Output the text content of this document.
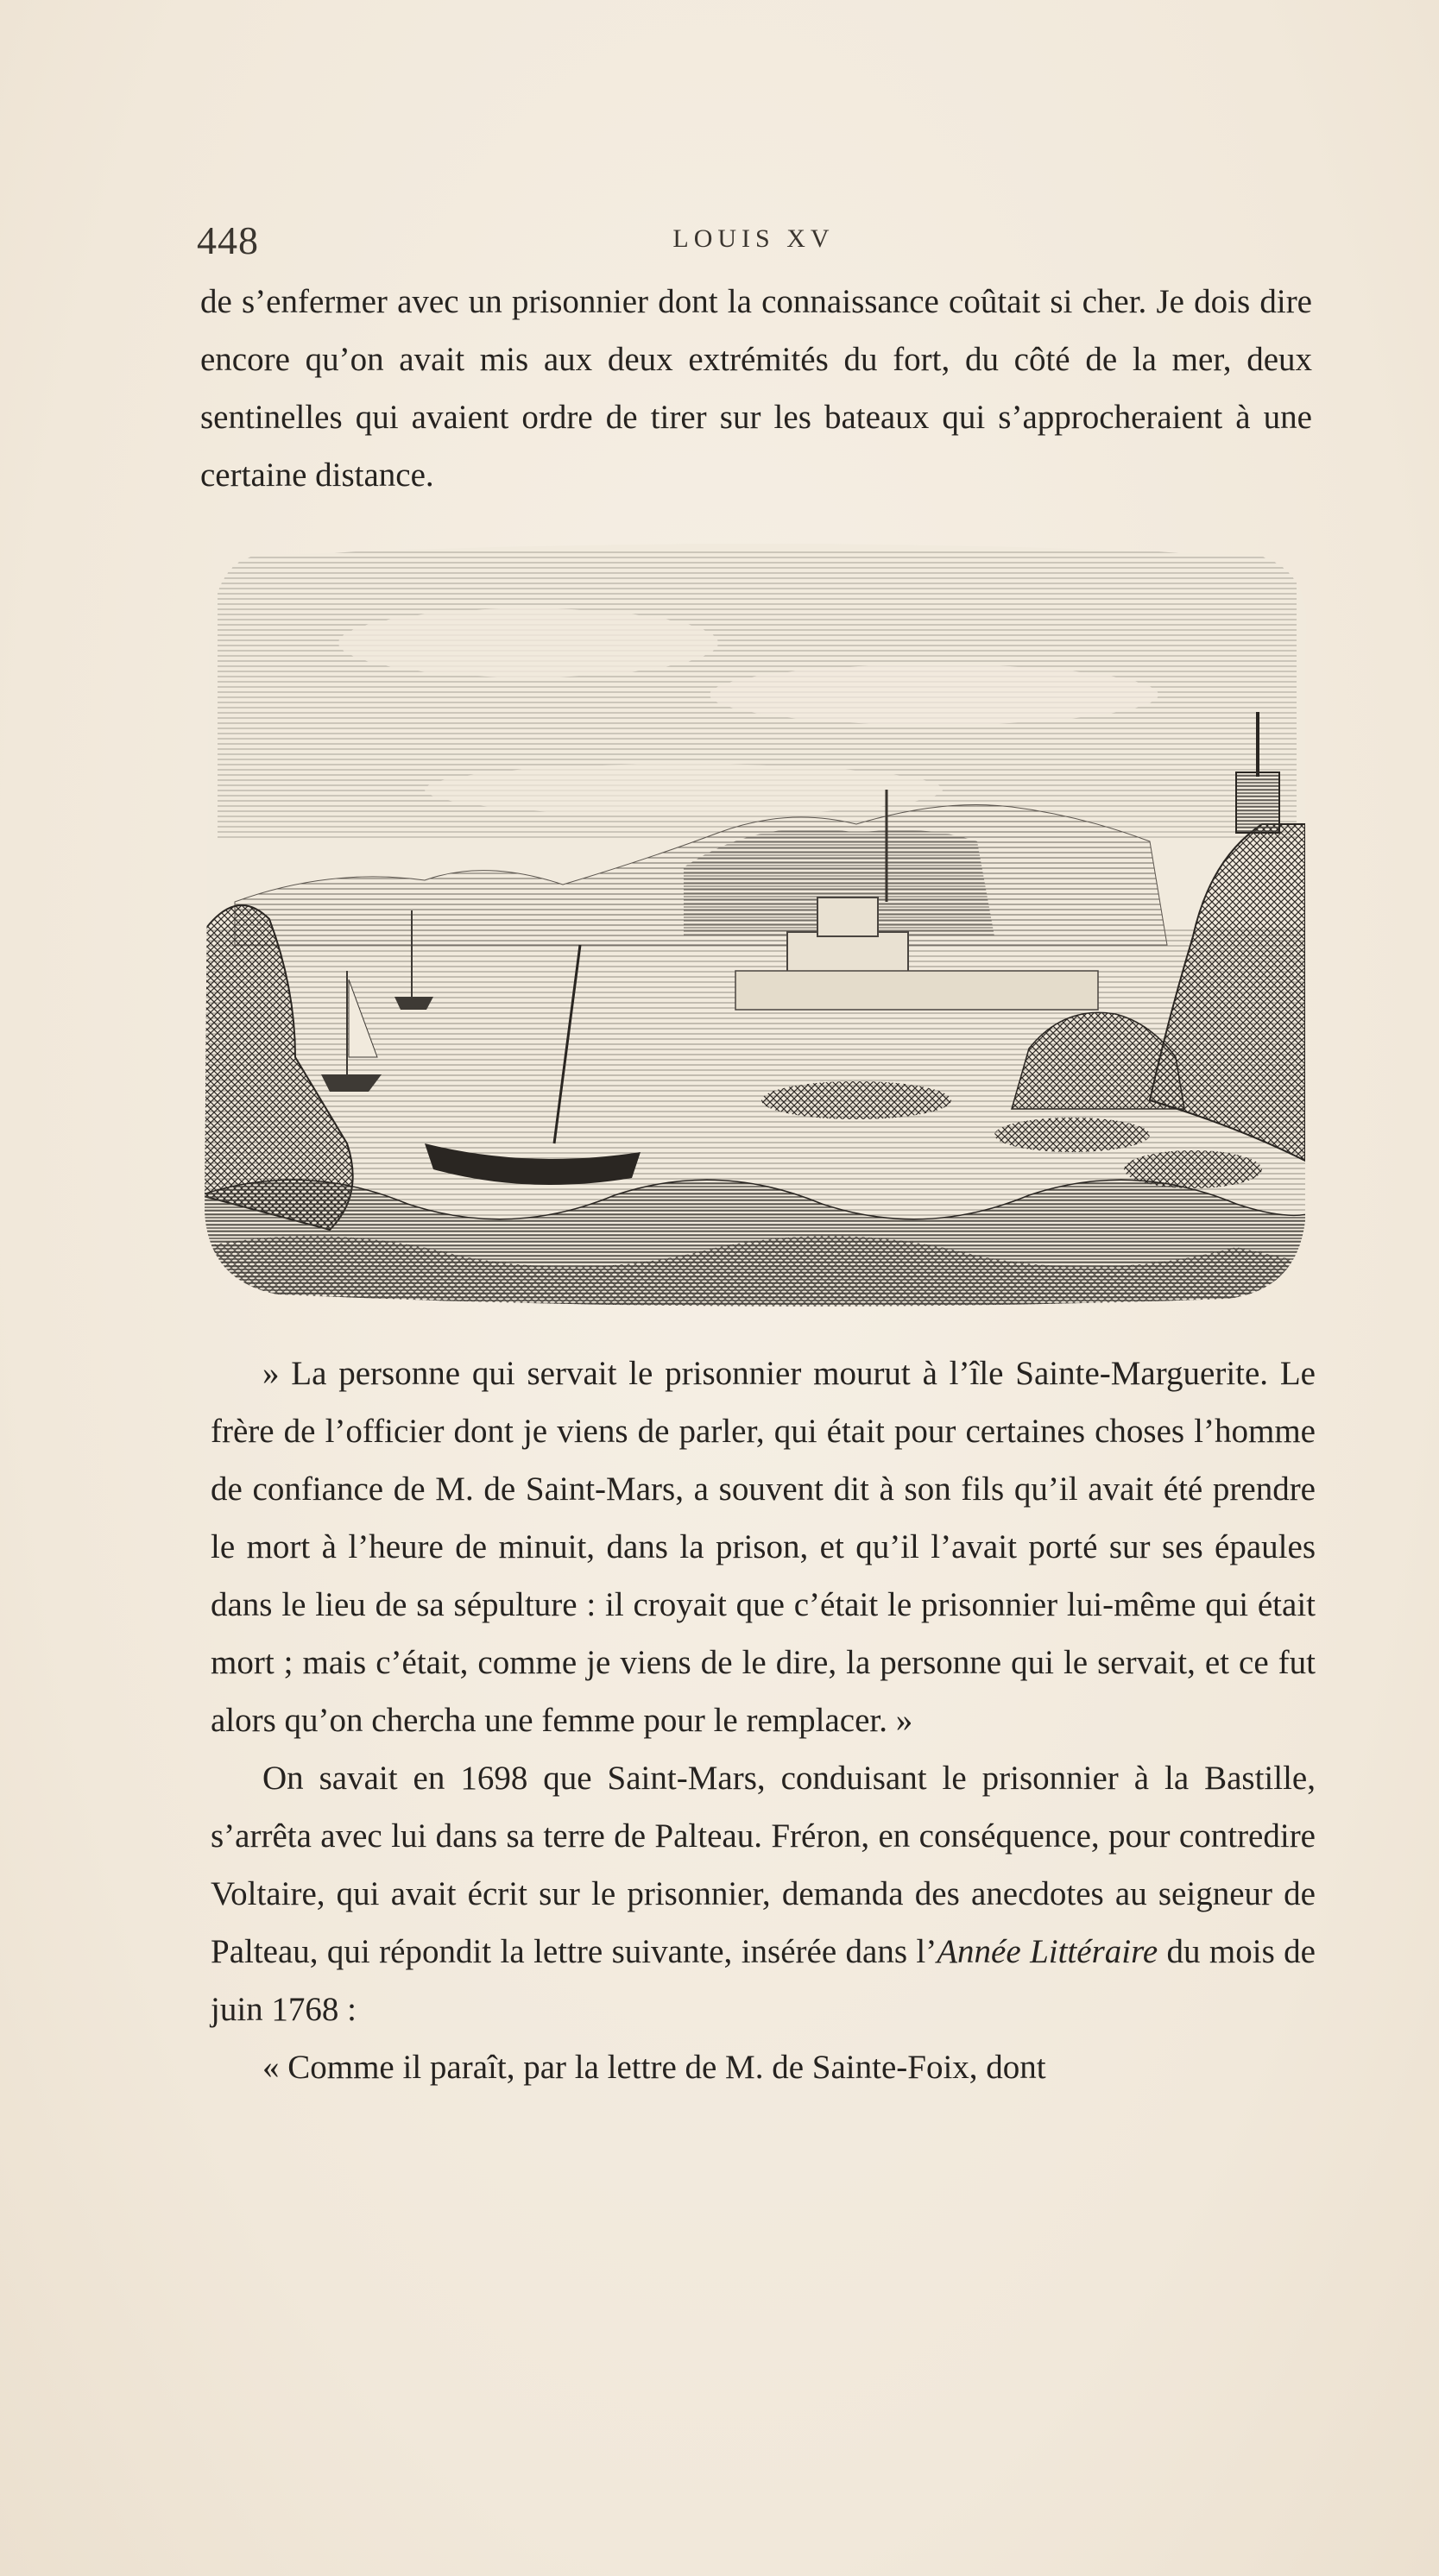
448	LOUIS XV

de s’enfermer avec un prisonnier dont la connaissance coûtait si cher. Je dois dire encore qu’on avait mis aux deux extrémités du fort, du côté de la mer, deux sentinelles qui avaient ordre de tirer sur les bateaux qui s’approcheraient à une certaine distance.

» La personne qui servait le prisonnier mourut à l’île Sainte-Marguerite. Le frère de l’officier dont je viens de parler, qui était pour certaines choses l’homme de confiance de M. de Saint-Mars, a souvent dit à son fils qu’il avait été prendre le mort à l’heure de minuit, dans la prison, et qu’il l’avait porté sur ses épaules dans le lieu de sa sépulture : il croyait que c’était le prisonnier lui-même qui était mort ; mais c’était, comme je viens de le dire, la personne qui le servait, et ce fut alors qu’on chercha une femme pour le remplacer. »

On savait en 1698 que Saint-Mars, conduisant le prisonnier à la Bastille, s’arrêta avec lui dans sa terre de Palteau. Fréron, en conséquence, pour contredire Voltaire, qui avait écrit sur le prisonnier, demanda des anecdotes au seigneur de Palteau, qui répondit la lettre suivante, insérée dans l’Année Littéraire du mois de juin 1768 :

« Comme il paraît, par la lettre de M. de Sainte-Foix, dont
